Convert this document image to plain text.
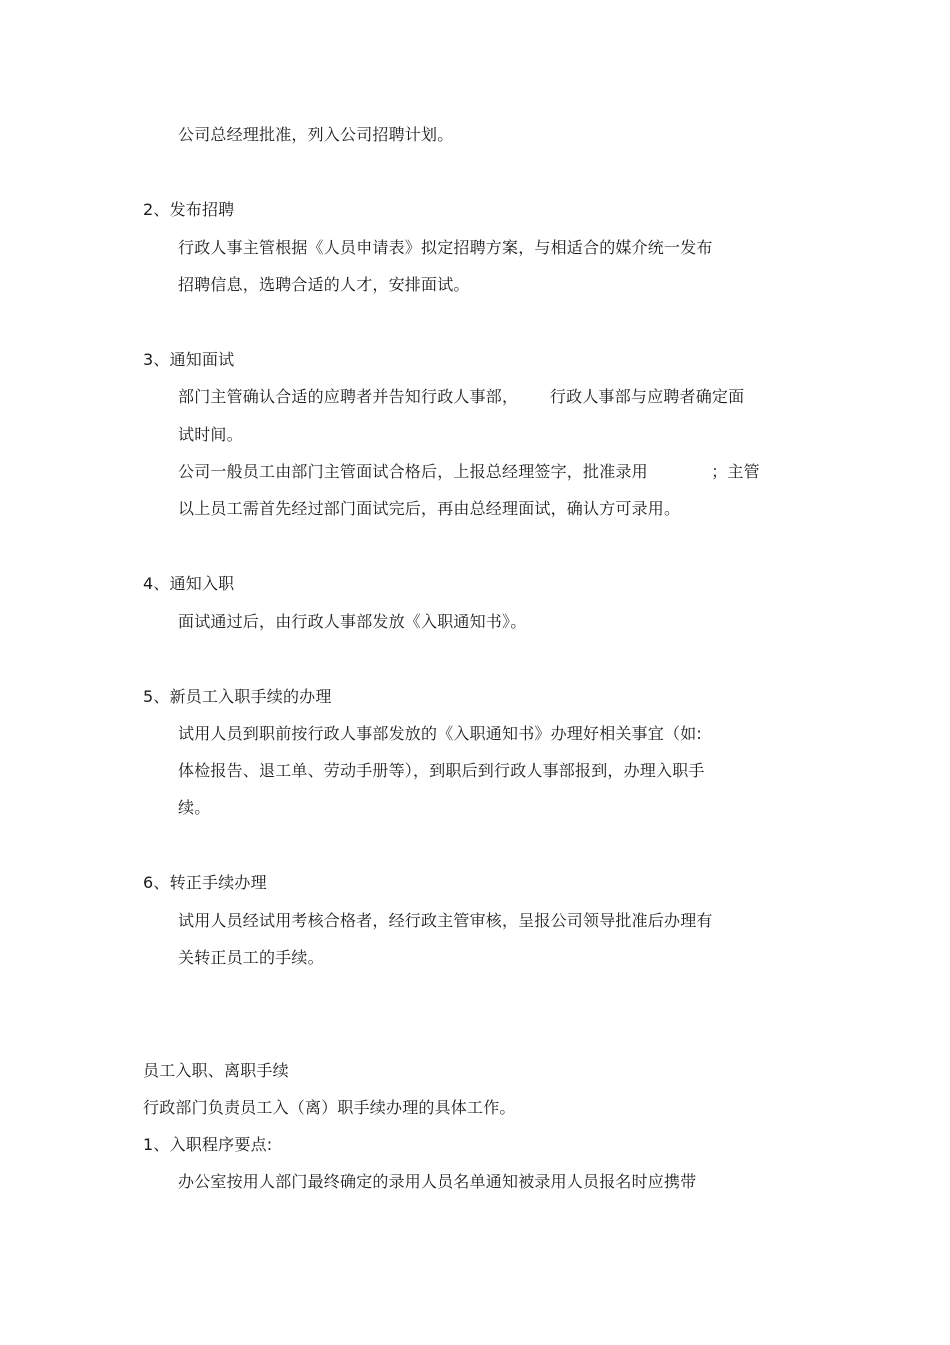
公司总经理批准，列入公司招聘计划。
2、发布招聘
行政人事主管根据《人员申请表》拟定招聘方案，与相适合的媒介统一发布
招聘信息，选聘合适的人才，安排面试。
3、通知面试
部门主管确认合适的应聘者并告知行政人事部，      行政人事部与应聘者确定面
试时间。
公司一般员工由部门主管面试合格后，上报总经理签字，批准录用            ；主管
以上员工需首先经过部门面试完后，再由总经理面试，确认方可录用。
4、通知入职
面试通过后，由行政人事部发放《入职通知书》。
5、新员工入职手续的办理
试用人员到职前按行政人事部发放的《入职通知书》办理好相关事宜（如:
体检报告、退工单、劳动手册等），到职后到行政人事部报到，办理入职手
续。
6、转正手续办理
试用人员经试用考核合格者，经行政主管审核，呈报公司领导批准后办理有
关转正员工的手续。
员工入职、离职手续
行政部门负责员工入（离）职手续办理的具体工作。
1、入职程序要点:
办公室按用人部门最终确定的录用人员名单通知被录用人员报名时应携带
